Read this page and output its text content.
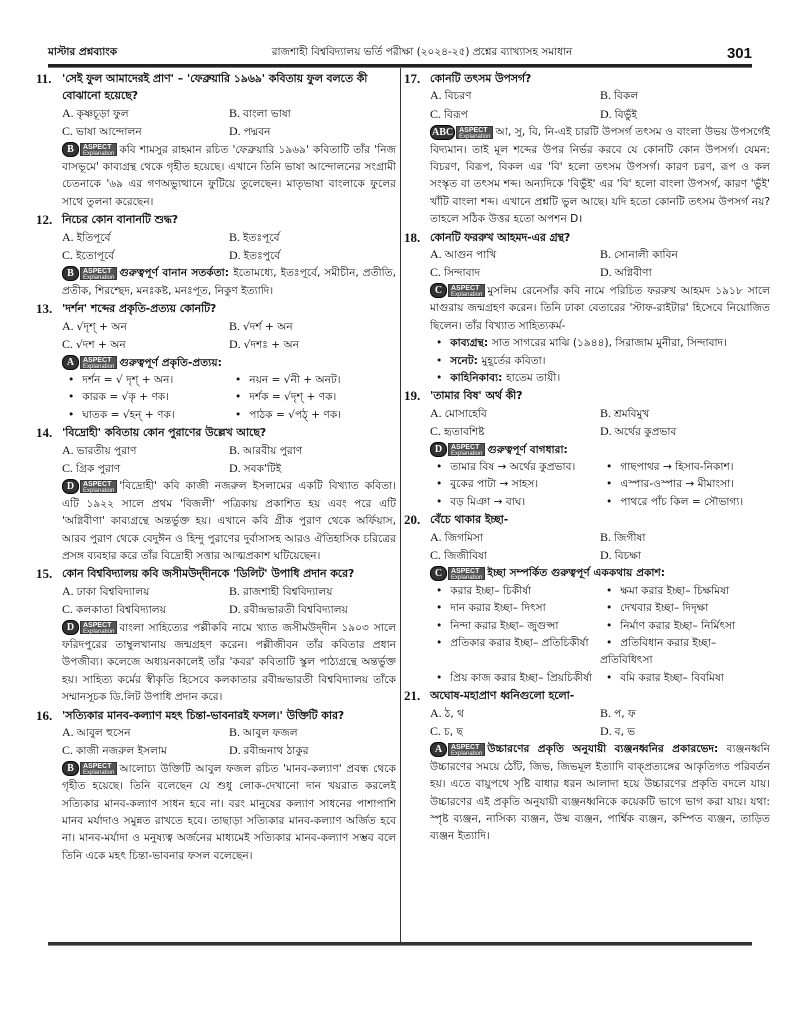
মাস্টার প্রশ্নব্যাংক	রাজশাহী বিশ্ববিদ্যালয় ভর্তি পরীক্ষা (২০২৪-২৫) প্রশ্নের ব্যাখ্যাসহ সমাধান	301
11. 'সেই ফুল আমাদেরই প্রাণ' – 'ফেব্রুয়ারি ১৯৬৯' কবিতায় ফুল বলতে কী বোঝানো হয়েছে?
A. কৃষ্ণচূড়া ফুল	B. বাংলা ভাষা
C. ভাষা আন্দোলন	D. পদ্মবন
B	ASPECT
Explanation কবি শামসুর রাহমান রচিত 'ফেব্রুয়ারি ১৯৬৯' কবিতাটি তাঁর 'নিজ বাসভূমে' কাব্যগ্রন্থ থেকে গৃহীত হয়েছে। এখানে তিনি ভাষা আন্দোলনের সংগ্রামী চেতনাকে '৬৯ এর গণঅভ্যুত্থানে ফুটিয়ে তুলেছেন। মাতৃভাষা বাংলাকে ফুলের সাথে তুলনা করেছেন।
12. নিচের কোন বানানটি শুদ্ধ?
A. ইতিপূর্বে	B. ইতঃপূর্বে
C. ইতোপূর্বে	D. ইতঃপুর্বে
B	ASPECT
Explanation গুরুত্বপূর্ণ বানান সতর্কতা: ইতোমধ্যে, ইতঃপূর্বে, সমীচীন, প্রতীতি, প্রতীক, শিরশ্ছেদ, মনঃকষ্ট, মনঃপূত, নিকুণ ইত্যাদি।
13. 'দর্শন' শব্দের প্রকৃতি-প্রত্যয় কোনটি?
A. √দৃশ্ + অন	B. √দর্শ + অন
C. √দশ + অন	D. √দশঃ + অন
A	ASPECT
Explanation গুরুত্বপূর্ণ প্রকৃতি-প্রত্যয়:
• দর্শন = √ দৃশ্ + অন।	• নয়ন = √নী + অনট।
• কারক = √কৃ + ণক।	• দর্শক = √দৃশ্ + ণক।
• ঘাতক = √হন্ + ণক।	• পাঠক = √পঠ্ + ণক।
14. 'বিদ্রোহী' কবিতায় কোন পুরাণের উল্লেখ আছে?
A. ভারতীয় পুরাণ	B. আরবীয় পুরাণ
C. গ্রিক পুরাণ	D. সবক'টিই
D	ASPECT
Explanation 'বিদ্রোহী' কবি কাজী নজরুল ইসলামের একটি বিখ্যাত কবিতা। এটি ১৯২২ সালে প্রথম 'বিজলী' পত্রিকায় প্রকাশিত হয় এবং পরে এটি 'অগ্নিবীণা' কাব্যগ্রন্থে অন্তর্ভুক্ত হয়। এখানে কবি গ্রীক পুরাণ থেকে অর্ফিয়াস, আরব পুরাণ থেকে বেদুঈন ও হিন্দু পুরাণের দুর্বাসাসহ আরও ঐতিহাসিক চরিত্রের প্রসঙ্গ ব্যবহার করে তাঁর বিদ্রোহী সত্তার আত্মপ্রকাশ ঘটিয়েছেন।
15. কোন বিশ্ববিদ্যালয় কবি জসীমউদ্‌দীনকে 'ডিলিট' উপাধি প্রদান করে?
A. ঢাকা বিশ্ববিদ্যালয়	B. রাজশাহী বিশ্ববিদ্যালয়
C. কলকাতা বিশ্ববিদ্যালয়	D. রবীন্দ্রভারতী বিশ্ববিদ্যালয়
D	ASPECT
Explanation বাংলা সাহিত্যের পল্লীকবি নামে খ্যাত জসীমউদ্‌দীন ১৯০৩ সালে ফরিদপুরের তাম্বুলখানায় জন্মগ্রহণ করেন। পল্লীজীবন তাঁর কবিতার প্রধান উপজীব্য। কলেজে অধ্যয়নকালেই তাঁর 'কবর' কবিতাটি স্কুল পাঠ্যগ্রন্থে অন্তর্ভুক্ত হয়। সাহিত্য কর্মের স্বীকৃতি হিসেবে কলকাতার রবীন্দ্রভারতী বিশ্ববিদ্যালয় তাঁকে সম্মানসূচক ডি.লিট উপাধি প্রদান করে।
16. 'সত্যিকার মানব-কল্যাণ মহৎ চিন্তা-ভাবনারই ফসল।' উক্তিটি কার?
A. আবুল হুসেন	B. আবুল ফজল
C. কাজী নজরুল ইসলাম	D. রবীন্দ্রনাথ ঠাকুর
B	ASPECT
Explanation আলোচ্য উক্তিটি আবুল ফজল রচিত 'মানব-কল্যাণ' প্রবন্ধ থেকে গৃহীত হয়েছে। তিনি বলেছেন যে শুধু লোক-দেখানো দান খয়রাত করলেই সত্যিকার মানব-কল্যাণ সাধন হবে না। বরং মানুষের কল্যাণ সাধনের পাশাপাশি মানব মর্যাদাও সমুন্নত রাখতে হবে। তাছাড়া সত্যিকার মানব-কল্যাণ অর্জিত হবে না। মানব-মর্যাদা ও মনুষ্যত্ব অর্জনের মাধ্যমেই সত্যিকার মানব-কল্যাণ সম্ভব বলে তিনি একে মহৎ চিন্তা-ভাবনার ফসল বলেছেন।
17. কোনটি তৎসম উপসর্গ?
A. বিচরণ	B. বিকল
C. বিরূপ	D. বিভুঁই
ABC ASPECT
Explanation আ, সু, বি, নি-এই চারটি উপসর্গ তৎসম ও বাংলা উভয় উপসর্গেই বিদ্যমান। তাই মূল শব্দের উপর নির্ভর করবে যে কোনটি কোন উপসর্গ। যেমন: বিচরণ, বিরূপ, বিকল এর 'বি' হলো তৎসম উপসর্গ। কারণ চরণ, রূপ ও কল সংস্কৃত বা তৎসম শব্দ। অন্যদিকে 'বিভুঁই' এর 'বি' হলো বাংলা উপসর্গ, কারণ 'ভুঁই' খাঁটি বাংলা শব্দ। এখানে প্রশ্নটি ভুল আছে। যদি হতো কোনটি তৎসম উপসর্গ নয়? তাহলে সঠিক উত্তর হতো অপশন D।
18. কোনটি ফররুখ আহমদ-এর গ্রন্থ?
A. আগুন পাখি	B. সোনালী কাবিন
C. সিন্দাবাদ	D. অগ্নিবীণা
C	ASPECT
Explanation মুসলিম রেনেসাঁর কবি নামে পরিচিত ফররুখ আহমদ ১৯১৮ সালে মাগুরায় জন্মগ্রহণ করেন। তিনি ঢাকা বেতারের 'স্টাফ-রাইটার' হিসেবে নিয়োজিত ছিলেন। তাঁর বিখ্যাত সাহিত্যকর্ম-
• কাব্যগ্রন্থ: সাত সাগরের মাঝি (১৯৪৪), সিরাজাম মুনীরা, সিন্দাবাদ।
• সনেট: মুহূর্তের কবিতা।
• কাহিনিকাব্য: হাতেম তায়ী।
19. 'তামার বিষ' অর্থ কী?
A. মোসাহেবি	B. শ্রমবিমুখ
C. হৃতাবশিষ্ট	D. অর্থের কুপ্রভাব
D	ASPECT
Explanation গুরুত্বপূর্ণ বাগধারা:
• তামার বিষ → অর্থের কুপ্রভাব।	• গাছপাথর → হিসাব-নিকাশ।
• বুকের পাটা → সাহস।	• এস্পার-ওস্পার → মীমাংসা।
• বড় মিঞা → বাঘ।	• পাথরে পাঁচ কিল = সৌভাগ্য।
20. বেঁচে থাকার ইচ্ছা-
A. জিগমিসা	B. জিগীষা
C. জিজীবিষা	D. বিচক্ষা
C	ASPECT
Explanation ইচ্ছা সম্পর্কিত গুরুত্বপূর্ণ এককথায় প্রকাশ:
• করার ইচ্ছা– চিকীর্ষা	• ক্ষমা করার ইচ্ছা– চিক্ষমিষা
• দান করার ইচ্ছা– দিৎসা	• দেখবার ইচ্ছা– দিদৃক্ষা
• নিন্দা করার ইচ্ছা– জুগুপ্সা	• নির্মাণ করার ইচ্ছা– নির্মিৎসা
• প্রতিকার করার ইচ্ছা– প্রতিচিকীর্ষা	• প্রতিবিধান করার ইচ্ছা– প্রতিবিধিৎসা
• প্রিয় কাজ করার ইচ্ছা– প্রিয়চিকীর্ষা	• বমি করার ইচ্ছা– বিবমিষা
21. অঘোষ-মহাপ্রাণ ধ্বনিগুলো হলো-
A. ঠ, থ	B. প, ফ
C. চ, ছ	D. ব, ভ
A	ASPECT
Explanation উচ্চারণের প্রকৃতি অনুযায়ী ব্যঞ্জনধ্বনির প্রকারভেদ: ব্যঞ্জনধ্বনি উচ্চারণের সময়ে ঠোঁট, জিভ, জিভমূল ইত্যাদি বাক্‌প্রত্যঙ্গের আকৃতিগত পরিবর্তন হয়। এতে বায়ুপথে সৃষ্টি বাধার ধরন আলাদা হয়ে উচ্চারণের প্রকৃতি বদলে যায়। উচ্চারণের এই প্রকৃতি অনুযায়ী ব্যঞ্জনধ্বনিকে কয়েকটি ভাগে ভাগ করা যায়। যথা: স্পৃষ্ট ব্যঞ্জন, নাসিক্য ব্যঞ্জন, উষ্ম ব্যঞ্জন, পার্শ্বিক ব্যঞ্জন, কম্পিত ব্যঞ্জন, তাড়িত ব্যঞ্জন ইত্যাদি।
